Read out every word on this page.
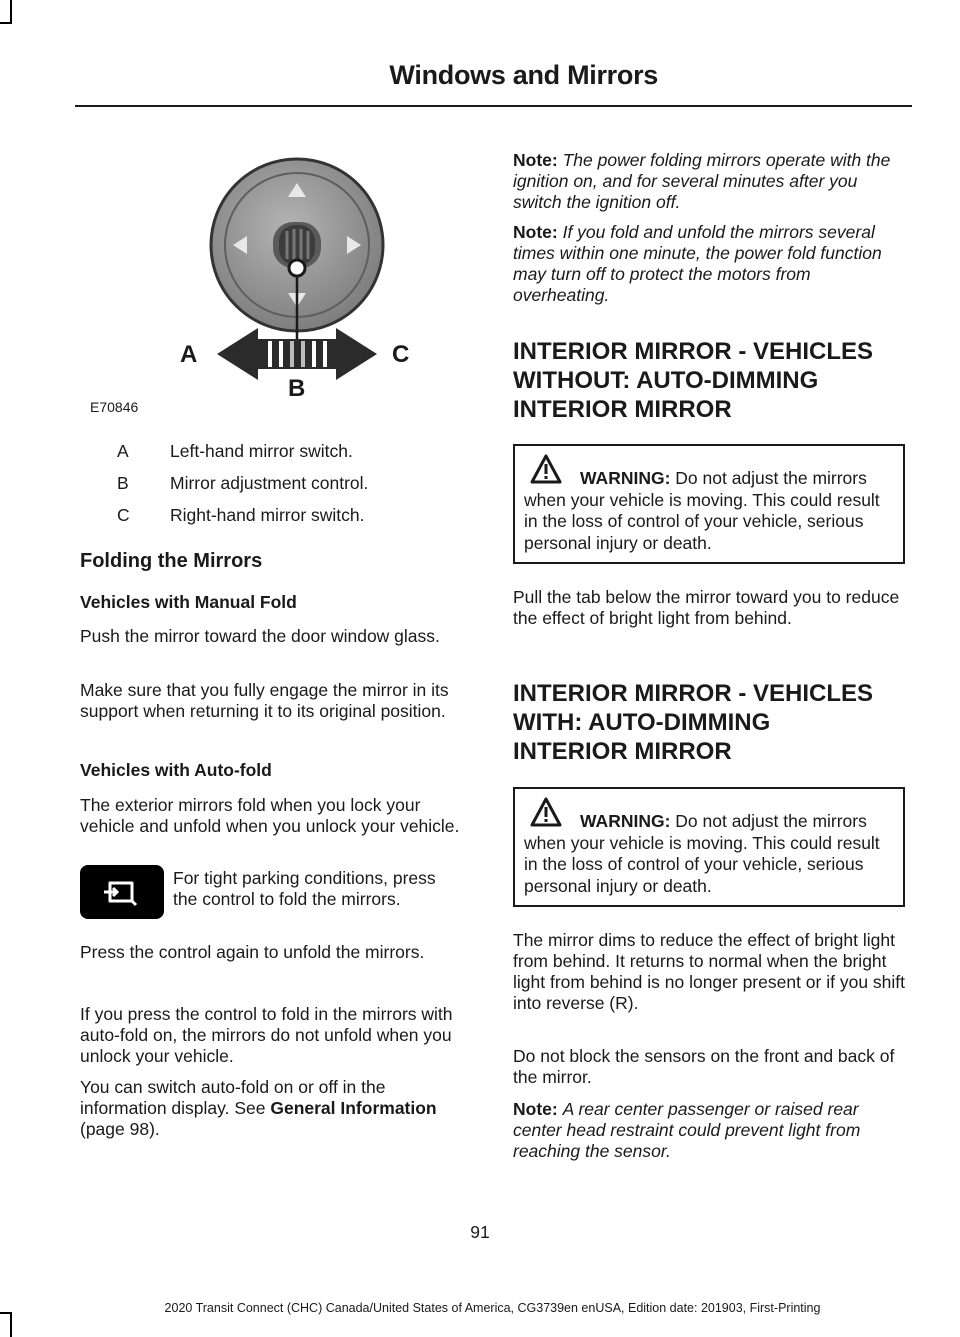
Windows and Mirrors
A
B
C
E70846
A	Left-hand mirror switch.
B	Mirror adjustment control.
C	Right-hand mirror switch.
Folding the Mirrors
Vehicles with Manual Fold

Push the mirror toward the door window glass.

Make sure that you fully engage the mirror in its support when returning it to its original position.

Vehicles with Auto-fold

The exterior mirrors fold when you lock your vehicle and unfold when you unlock your vehicle.

For tight parking conditions, press the control to fold the mirrors.

Press the control again to unfold the mirrors.

If you press the control to fold in the mirrors with auto-fold on, the mirrors do not unfold when you unlock your vehicle.

You can switch auto-fold on or off in the information display. See General Information (page 98).

Note: The power folding mirrors operate with the ignition on, and for several minutes after you switch the ignition off.

Note: If you fold and unfold the mirrors several times within one minute, the power fold function may turn off to protect the motors from overheating.

INTERIOR MIRROR - VEHICLES
WITHOUT: AUTO-DIMMING
INTERIOR MIRROR

WARNING: Do not adjust the mirrors when your vehicle is moving. This could result in the loss of control of your vehicle, serious personal injury or death.

Pull the tab below the mirror toward you to reduce the effect of bright light from behind.

INTERIOR MIRROR - VEHICLES
WITH: AUTO-DIMMING
INTERIOR MIRROR

WARNING: Do not adjust the mirrors when your vehicle is moving. This could result in the loss of control of your vehicle, serious personal injury or death.

The mirror dims to reduce the effect of bright light from behind. It returns to normal when the bright light from behind is no longer present or if you shift into reverse (R).

Do not block the sensors on the front and back of the mirror.

Note: A rear center passenger or raised rear center head restraint could prevent light from reaching the sensor.

91
2020 Transit Connect (CHC) Canada/United States of America, CG3739en enUSA, Edition date: 201903, First-Printing
